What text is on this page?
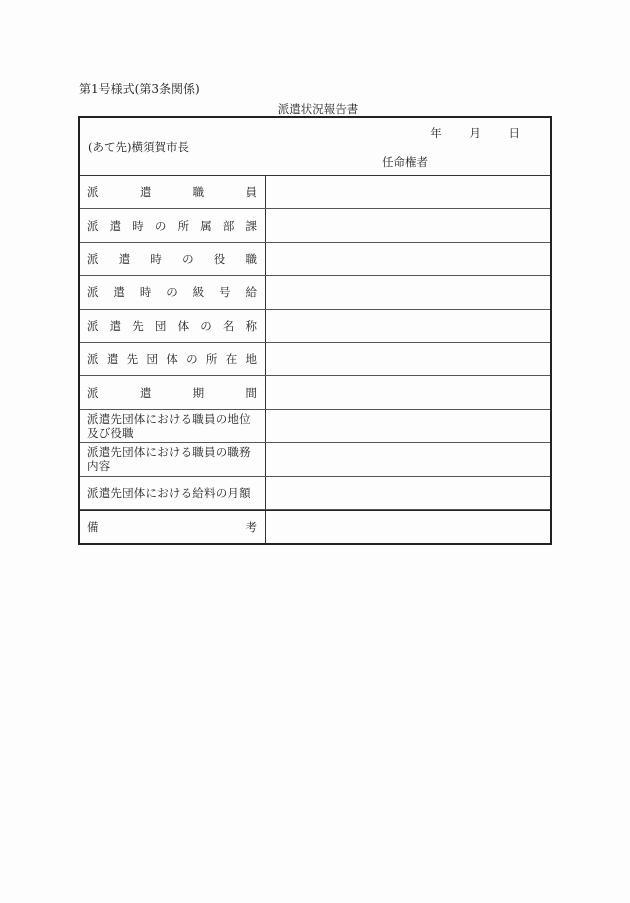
第1号様式(第3条関係)
派遣状況報告書
年 月 日
(あて先)横須賀市長
任命権者
派	遣	職	員
派 遣 時 の 所 属 部 課
派 遣 時 の 役 職
派 遣 時 の 級 号 給
派 遣 先 団 体 の 名 称
派 遣 先 団 体 の 所 在 地
派	遣	期	間
派遣先団体における職員の地位及び役職
派遣先団体における職員の職務内容
派遣先団体における給料の月額
備	考
